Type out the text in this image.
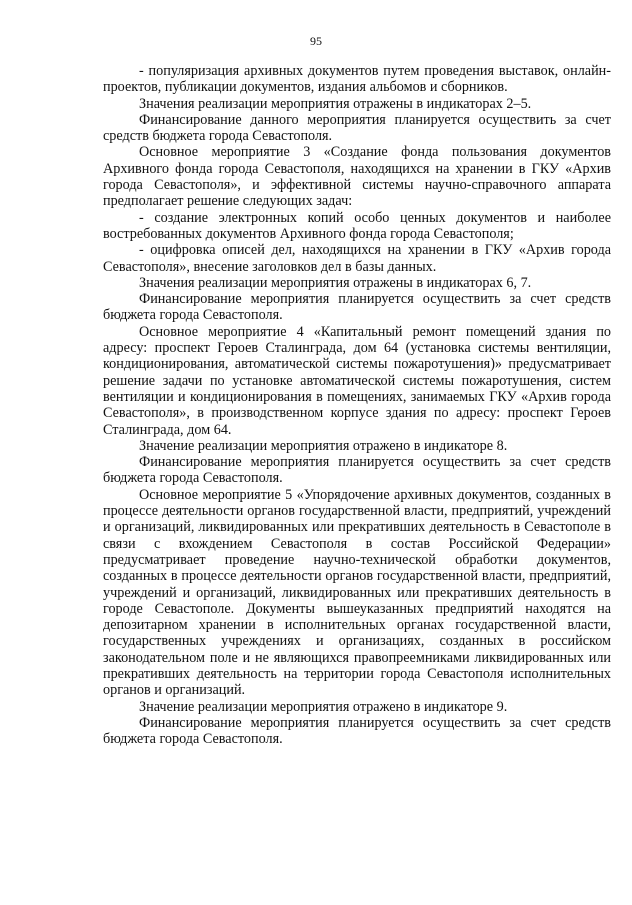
95

- популяризация архивных документов путем проведения выставок, онлайн-проектов, публикации документов, издания альбомов и сборников.

Значения реализации мероприятия отражены в индикаторах 2–5.

Финансирование данного мероприятия планируется осуществить за счет средств бюджета города Севастополя.

Основное мероприятие 3 «Создание фонда пользования документов Архивного фонда города Севастополя, находящихся на хранении в ГКУ «Архив города Севастополя», и эффективной системы научно-справочного аппарата предполагает решение следующих задач:

- создание электронных копий особо ценных документов и наиболее востребованных документов Архивного фонда города Севастополя;

- оцифровка описей дел, находящихся на хранении в ГКУ «Архив города Севастополя», внесение заголовков дел в базы данных.

Значения реализации мероприятия отражены в индикаторах 6, 7.

Финансирование мероприятия планируется осуществить за счет средств бюджета города Севастополя.

Основное мероприятие 4 «Капитальный ремонт помещений здания по адресу: проспект Героев Сталинграда, дом 64 (установка системы вентиляции, кондиционирования, автоматической системы пожаротушения)» предусматривает решение задачи по установке автоматической системы пожаротушения, систем вентиляции и кондиционирования в помещениях, занимаемых ГКУ «Архив города Севастополя», в производственном корпусе здания по адресу: проспект Героев Сталинграда, дом 64.

Значение реализации мероприятия отражено в индикаторе 8.

Финансирование мероприятия планируется осуществить за счет средств бюджета города Севастополя.

Основное мероприятие 5 «Упорядочение архивных документов, созданных в процессе деятельности органов государственной власти, предприятий, учреждений и организаций, ликвидированных или прекративших деятельность в Севастополе в связи с вхождением Севастополя в состав Российской Федерации» предусматривает проведение научно-технической обработки документов, созданных в процессе деятельности органов государственной власти, предприятий, учреждений и организаций, ликвидированных или прекративших деятельность в городе Севастополе. Документы вышеуказанных предприятий находятся на депозитарном хранении в исполнительных органах государственной власти, государственных учреждениях и организациях, созданных в российском законодательном поле и не являющихся правопреемниками ликвидированных или прекративших деятельность на территории города Севастополя исполнительных органов и организаций.

Значение реализации мероприятия отражено в индикаторе 9.

Финансирование мероприятия планируется осуществить за счет средств бюджета города Севастополя.
